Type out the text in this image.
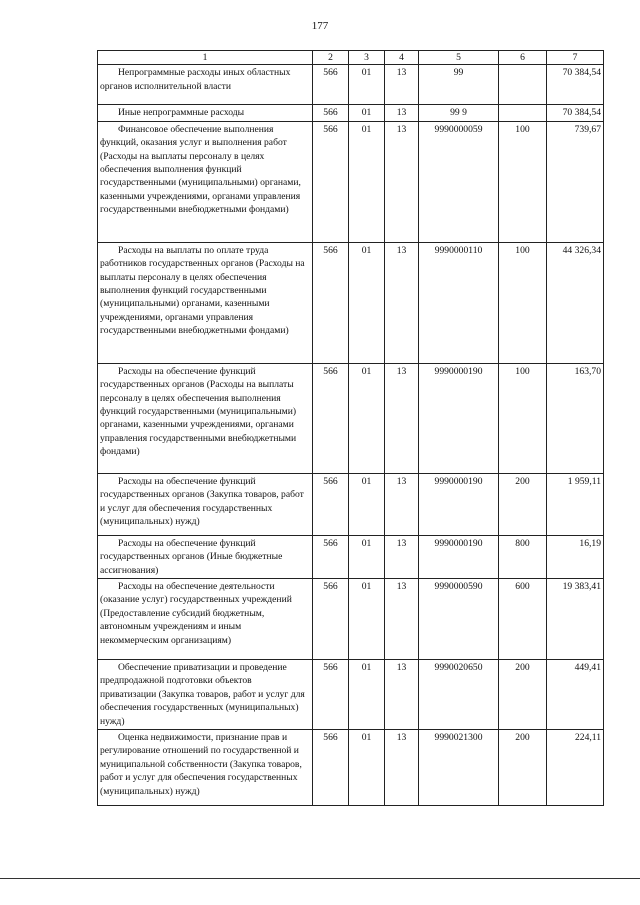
177
1	2	3	4	5	6	7
Непрограммные расходы иных областных органов исполнительной власти	566	01	13	99		70 384,54
Иные непрограммные расходы	566	01	13	99 9		70 384,54
Финансовое обеспечение выполнения функций, оказания услуг и выполнения работ (Расходы на выплаты персоналу в целях обеспечения выполнения функций государственными (муниципальными) органами, казенными учреждениями, органами управления государственными внебюджетными фондами)	566	01	13	9990000059	100	739,67
Расходы на выплаты по оплате труда работников государственных органов (Расходы на выплаты персоналу в целях обеспечения выполнения функций государственными (муниципальными) органами, казенными учреждениями, органами управления государственными внебюджетными фондами)	566	01	13	9990000110	100	44 326,34
Расходы на обеспечение функций государственных органов (Расходы на выплаты персоналу в целях обеспечения выполнения функций государственными (муниципальными) органами, казенными учреждениями, органами управления государственными внебюджетными фондами)	566	01	13	9990000190	100	163,70
Расходы на обеспечение функций государственных органов (Закупка товаров, работ и услуг для обеспечения государственных (муниципальных) нужд)	566	01	13	9990000190	200	1 959,11
Расходы на обеспечение функций государственных органов (Иные бюджетные ассигнования)	566	01	13	9990000190	800	16,19
Расходы на обеспечение деятельности (оказание услуг) государственных учреждений (Предоставление субсидий бюджетным, автономным учреждениям и иным некоммерческим организациям)	566	01	13	9990000590	600	19 383,41
Обеспечение приватизации и проведение предпродажной подготовки объектов приватизации (Закупка товаров, работ и услуг для обеспечения государственных (муниципальных) нужд)	566	01	13	9990020650	200	449,41
Оценка недвижимости, признание прав и регулирование отношений по государственной и муниципальной собственности (Закупка товаров, работ и услуг для обеспечения государственных (муниципальных) нужд)	566	01	13	9990021300	200	224,11
